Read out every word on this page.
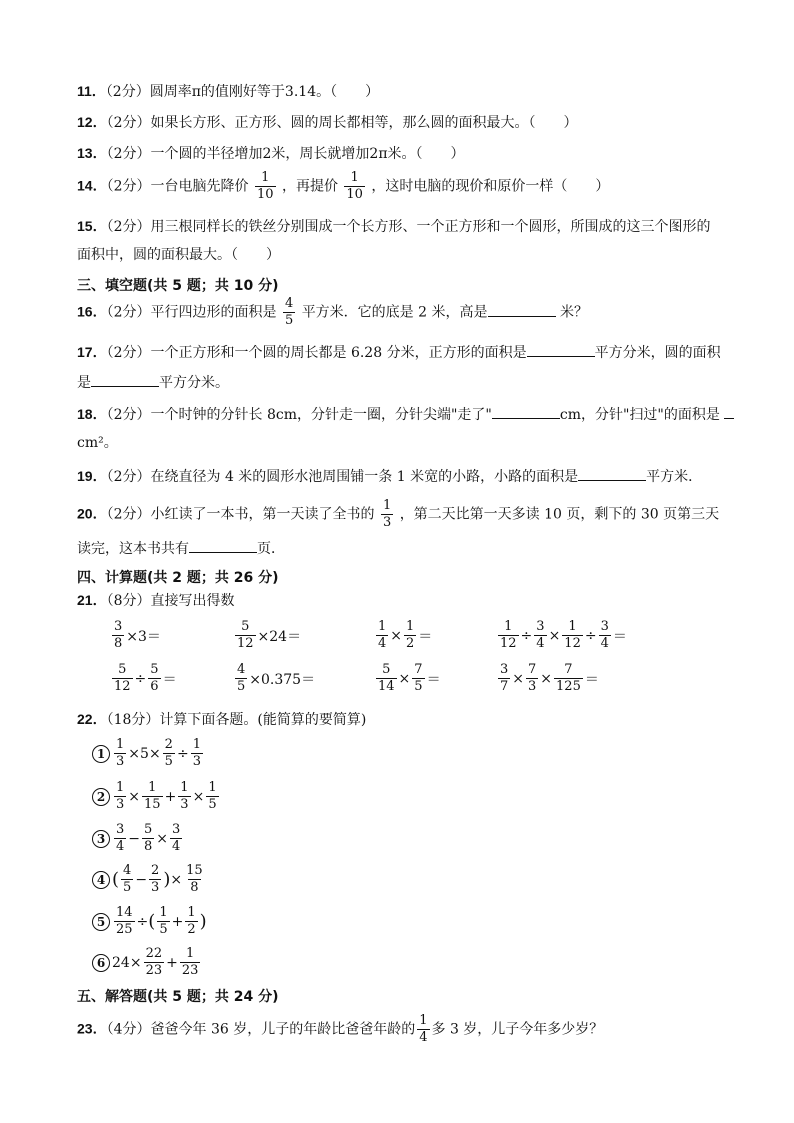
11．（2分）圆周率π的值刚好等于3.14。（　　）
12．（2分）如果长方形、正方形、圆的周长都相等，那么圆的面积最大。（　　）
13．（2分）一个圆的半径增加2米，周长就增加2π米。（　　）
14．（2分）一台电脑先降价 $\frac{1}{10}$ ，再提价 $\frac{1}{10}$ ，这时电脑的现价和原价一样（　　）
15．（2分）用三根同样长的铁丝分别围成一个长方形、一个正方形和一个圆形，所围成的这三个图形的
面积中，圆的面积最大。（　　）
三、填空题(共 5 题；共 10 分)
16．（2分）平行四边形的面积是 $\frac{4}{5}$ 平方米．它的底是 2 米，高是	米？
17．（2分）一个正方形和一个圆的周长都是 6.28 分米，正方形的面积是	平方分米，圆的面积
是	平方分米。
18．（2分）一个时钟的分针长 8cm，分针走一圈，分针尖端"走了"	cm，分针"扫过"的面积是
cm²。
19．（2分）在绕直径为 4 米的圆形水池周围铺一条 1 米宽的小路，小路的面积是	平方米．
20．（2分）小红读了一本书，第一天读了全书的 $\frac{1}{3}$ ，第二天比第一天多读 10 页，剩下的 30 页第三天
读完，这本书共有	页．
四、计算题(共 2 题；共 26 分)
21．（8分）直接写出得数
$\frac{3}{8} \times 3=$	$\frac{5}{12} \times 24=$	$\frac{1}{4} \times \frac{1}{2}$ ＝	$\frac{1}{12} \div \frac{3}{4} \times \frac{1}{12} \div \frac{3}{4}$ ＝
$\frac{5}{12} \div \frac{5}{6}$ ＝	$\frac{4}{5} \times 0.375=$	$\frac{5}{14} \times \frac{7}{5}$ ＝	$\frac{3}{7} \times \frac{7}{3} \times \frac{7}{125}$ ＝
22．（18分）计算下面各题。(能简算的要简算)
$1 \frac{1}{3} \times 5 \times \frac{2}{5} \div \frac{1}{3}$
$2 \frac{1}{3} \times \frac{1}{15} + \frac{1}{3} \times \frac{1}{5}$
$3 \frac{3}{4} - \frac{5}{8} \times \frac{3}{4}$
4 ( $\frac{4}{5} - \frac{2}{3}$ ) × $\frac{15}{8}$
$5 \frac{14}{25}$ ÷ ( $\frac{1}{5} + \frac{1}{2}$ )
6 $24 \times \frac{22}{23} + \frac{1}{23}$
五、解答题(共 5 题；共 24 分)
23．（4分）爸爸今年 36 岁，儿子的年龄比爸爸年龄的 $\frac{1}{4}$ 多 3 岁，儿子今年多少岁？
